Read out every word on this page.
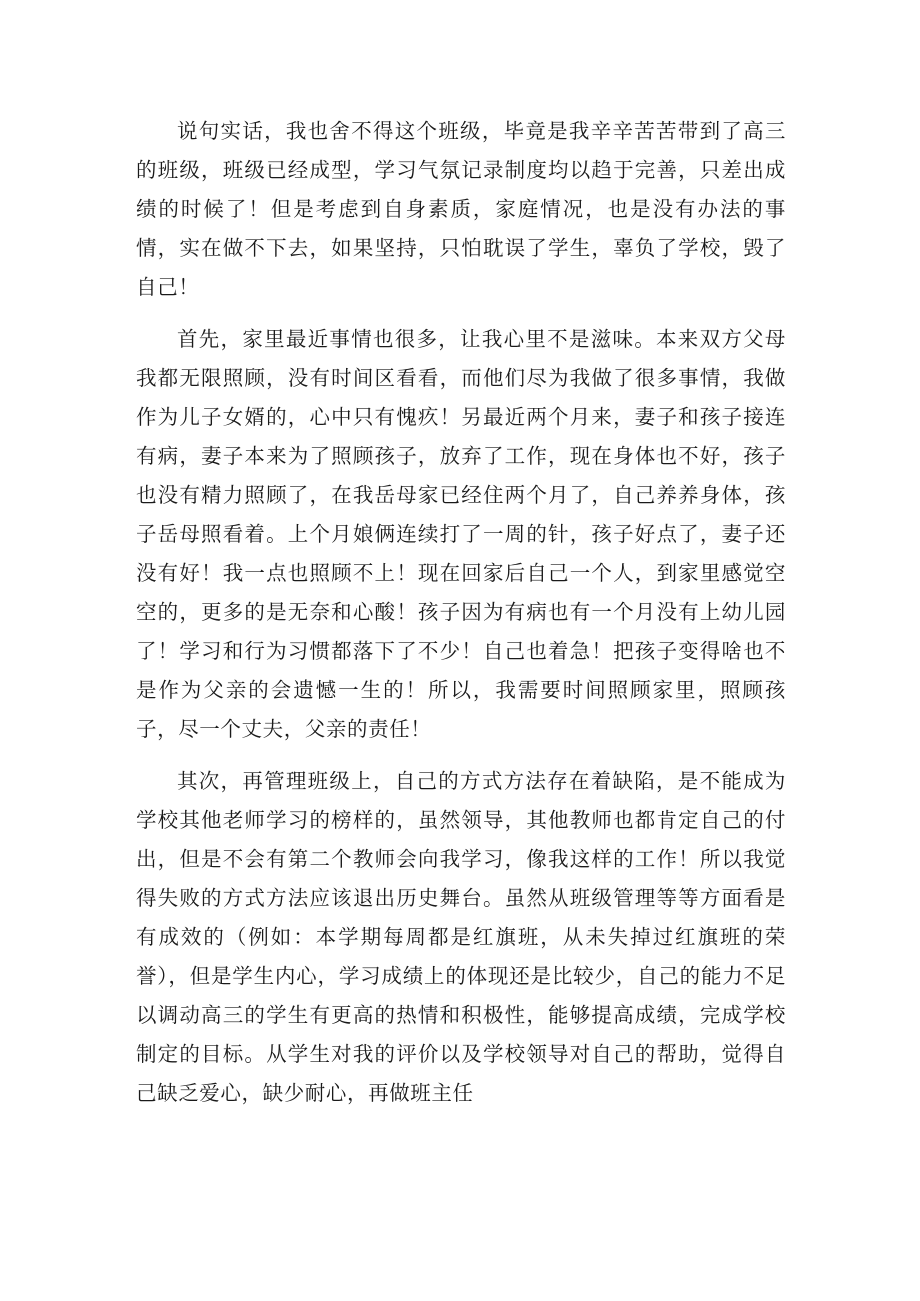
说句实话，我也舍不得这个班级，毕竟是我辛辛苦苦带到了高三的班级，班级已经成型，学习气氛记录制度均以趋于完善，只差出成绩的时候了！但是考虑到自身素质，家庭情况，也是没有办法的事情，实在做不下去，如果坚持，只怕耽误了学生，辜负了学校，毁了自己！

首先，家里最近事情也很多，让我心里不是滋味。本来双方父母我都无限照顾，没有时间区看看，而他们尽为我做了很多事情，我做作为儿子女婿的，心中只有愧疚！另最近两个月来，妻子和孩子接连有病，妻子本来为了照顾孩子，放弃了工作，现在身体也不好，孩子也没有精力照顾了，在我岳母家已经住两个月了，自己养养身体，孩子岳母照看着。上个月娘俩连续打了一周的针，孩子好点了，妻子还没有好！我一点也照顾不上！现在回家后自己一个人，到家里感觉空空的，更多的是无奈和心酸！孩子因为有病也有一个月没有上幼儿园了！学习和行为习惯都落下了不少！自己也着急！把孩子变得啥也不是作为父亲的会遗憾一生的！所以，我需要时间照顾家里，照顾孩子，尽一个丈夫，父亲的责任！

其次，再管理班级上，自己的方式方法存在着缺陷，是不能成为学校其他老师学习的榜样的，虽然领导，其他教师也都肯定自己的付出，但是不会有第二个教师会向我学习，像我这样的工作！所以我觉得失败的方式方法应该退出历史舞台。虽然从班级管理等等方面看是有成效的（例如：本学期每周都是红旗班，从未失掉过红旗班的荣誉），但是学生内心，学习成绩上的体现还是比较少，自己的能力不足以调动高三的学生有更高的热情和积极性，能够提高成绩，完成学校制定的目标。从学生对我的评价以及学校领导对自己的帮助，觉得自己缺乏爱心，缺少耐心，再做班主任
